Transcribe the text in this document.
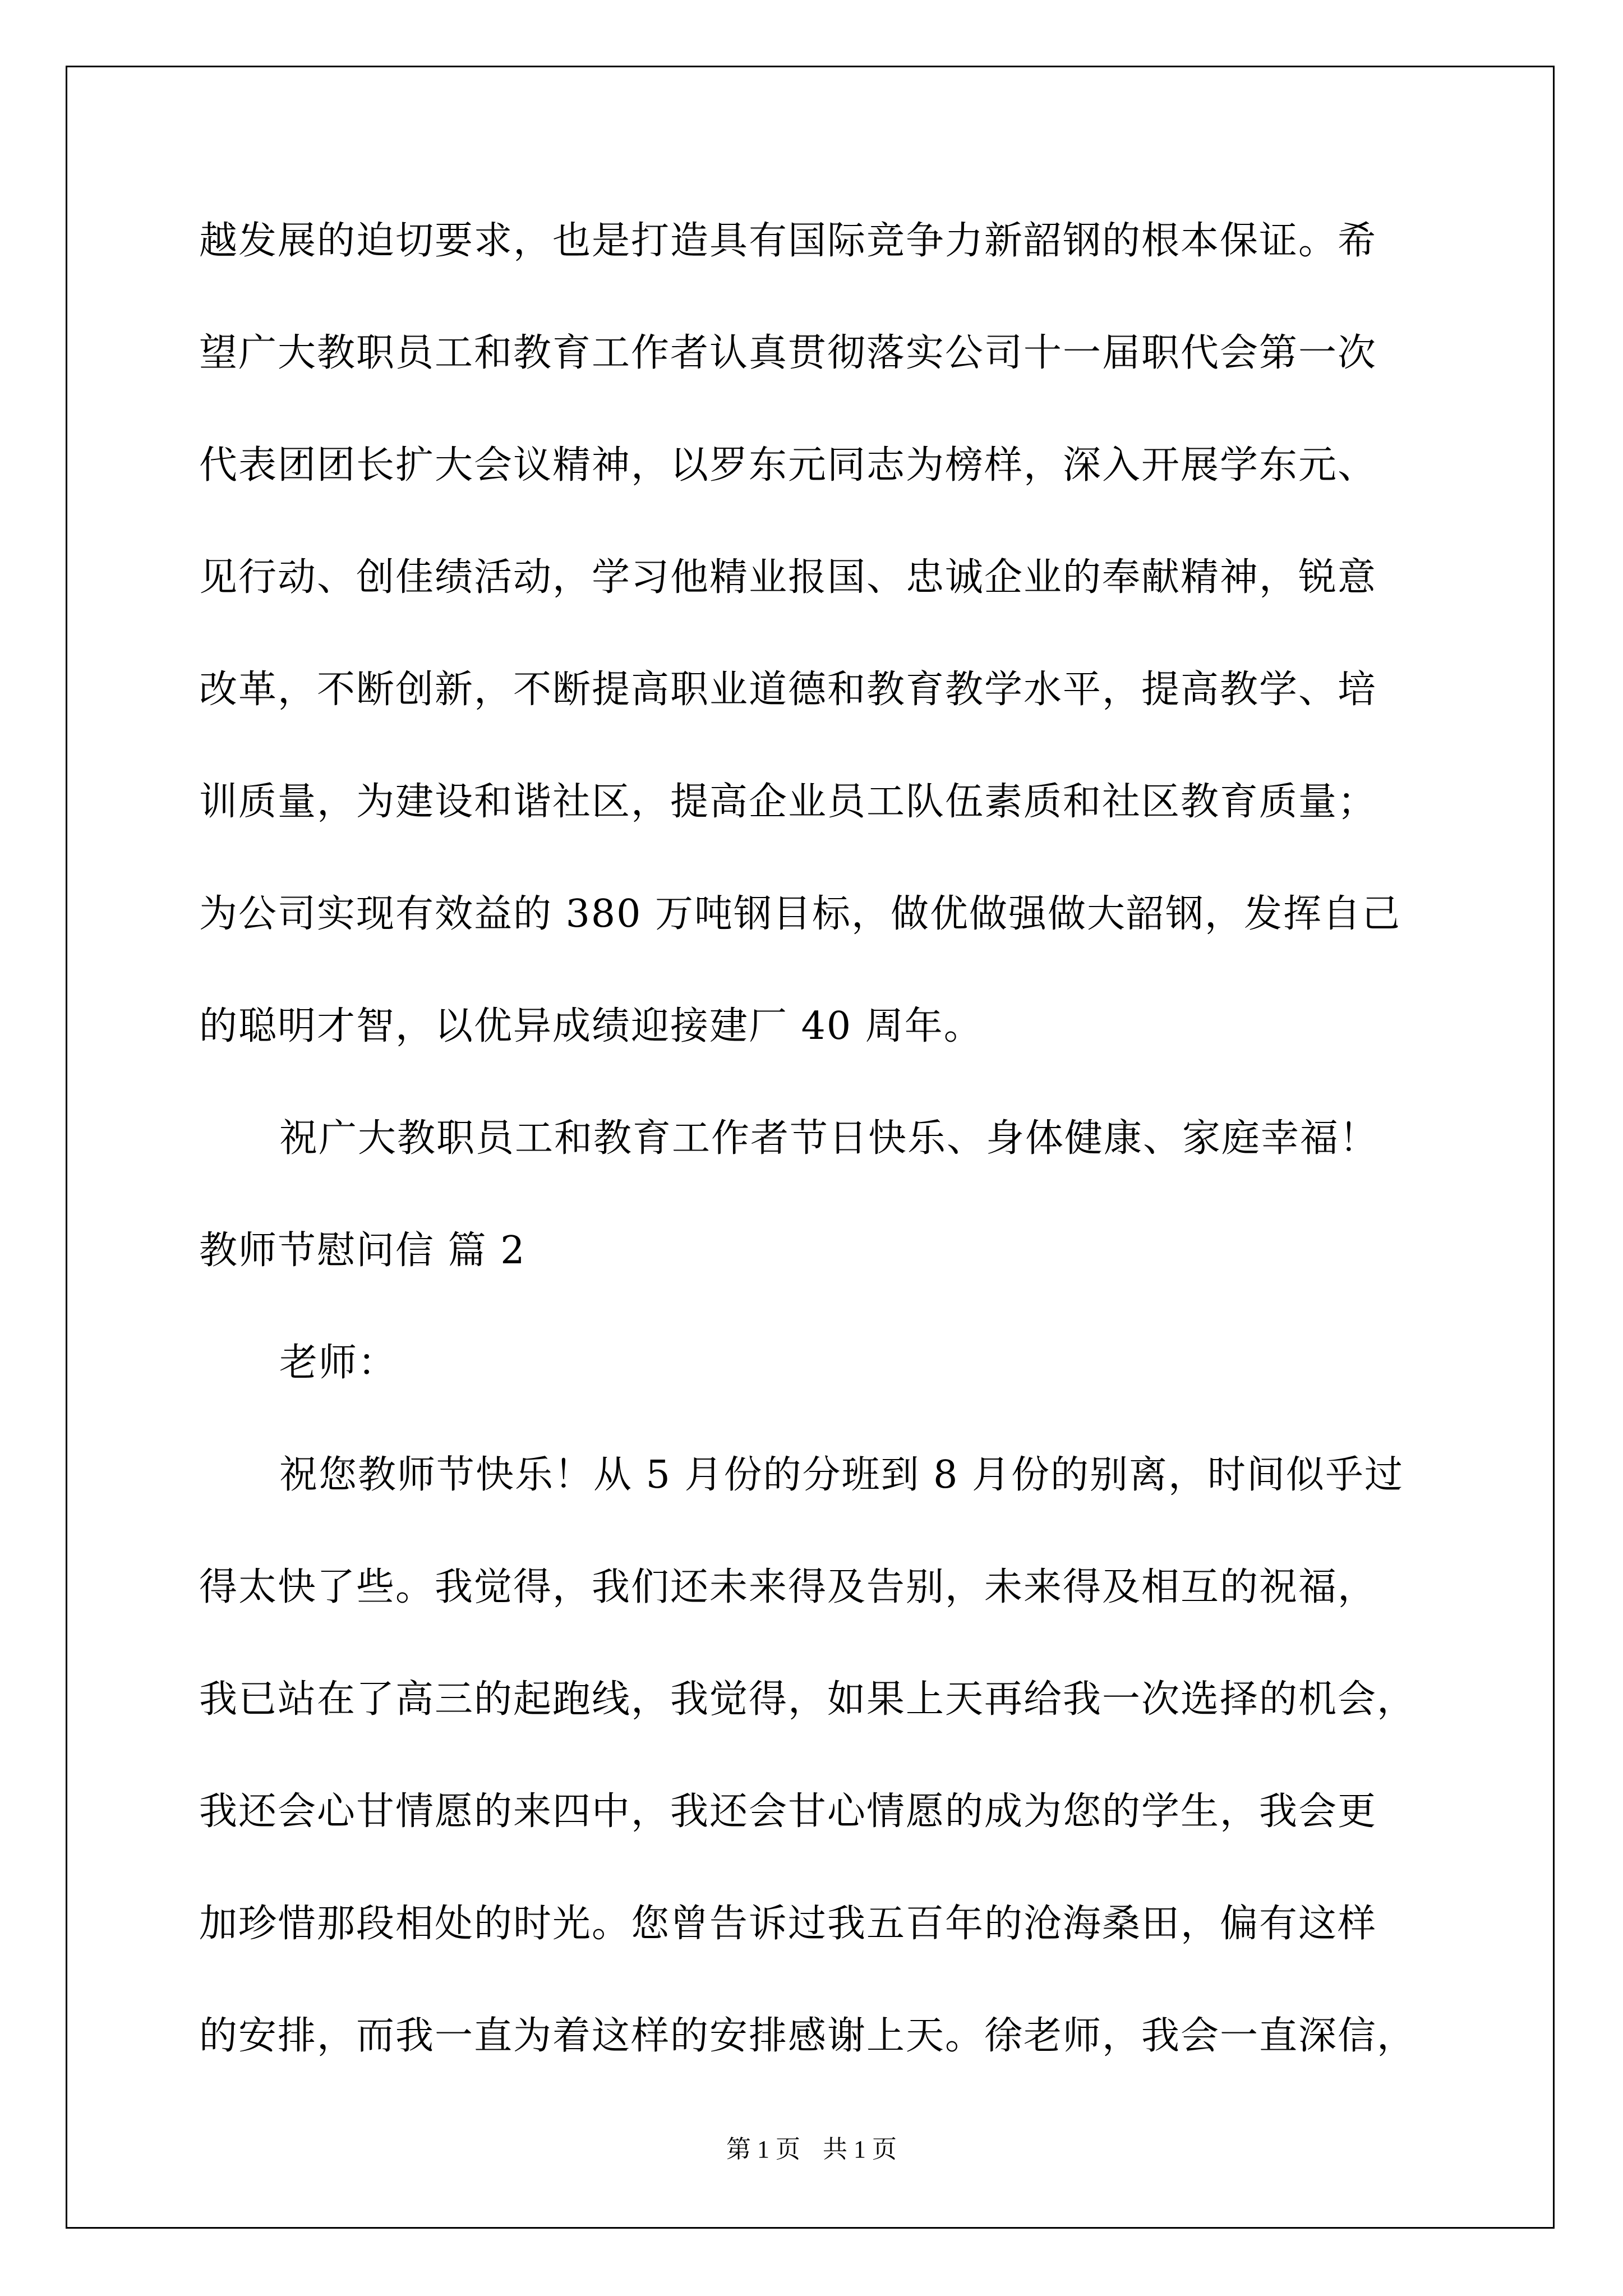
越发展的迫切要求，也是打造具有国际竞争力新韶钢的根本保证。希
望广大教职员工和教育工作者认真贯彻落实公司十一届职代会第一次
代表团团长扩大会议精神，以罗东元同志为榜样，深入开展学东元、
见行动、创佳绩活动，学习他精业报国、忠诚企业的奉献精神，锐意
改革，不断创新，不断提高职业道德和教育教学水平，提高教学、培
训质量，为建设和谐社区，提高企业员工队伍素质和社区教育质量；
为公司实现有效益的 380 万吨钢目标，做优做强做大韶钢，发挥自己
的聪明才智，以优异成绩迎接建厂 40 周年。
祝广大教职员工和教育工作者节日快乐、身体健康、家庭幸福！
教师节慰问信 篇 2
老师：
祝您教师节快乐！从 5 月份的分班到 8 月份的别离，时间似乎过
得太快了些。我觉得，我们还未来得及告别，未来得及相互的祝福，
我已站在了高三的起跑线，我觉得，如果上天再给我一次选择的机会，
我还会心甘情愿的来四中，我还会甘心情愿的成为您的学生，我会更
加珍惜那段相处的时光。您曾告诉过我五百年的沧海桑田，偏有这样
的安排，而我一直为着这样的安排感谢上天。徐老师，我会一直深信，
第 1 页 共 1 页
